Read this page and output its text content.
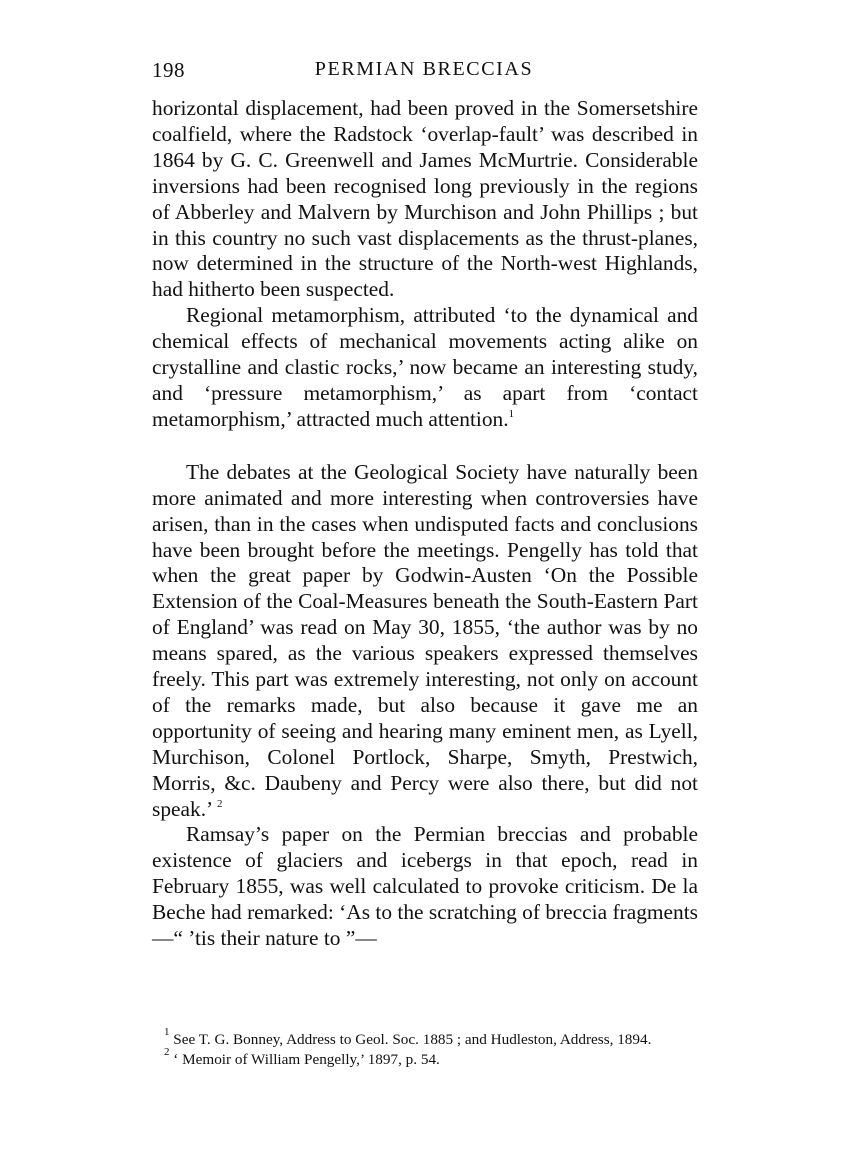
198	PERMIAN BRECCIAS

horizontal displacement, had been proved in the Somersetshire coalfield, where the Radstock ‘overlap-fault’ was described in 1864 by G. C. Greenwell and James McMurtrie. Considerable inversions had been recognised long previously in the regions of Abberley and Malvern by Murchison and John Phillips ; but in this country no such vast displacements as the thrust-planes, now determined in the structure of the North-west Highlands, had hitherto been suspected.

Regional metamorphism, attributed ‘to the dynamical and chemical effects of mechanical movements acting alike on crystalline and clastic rocks,’ now became an interesting study, and ‘pressure metamorphism,’ as apart from ‘contact metamorphism,’ attracted much attention.$^1$

The debates at the Geological Society have naturally been more animated and more interesting when controversies have arisen, than in the cases when undisputed facts and conclusions have been brought before the meetings. Pengelly has told that when the great paper by Godwin-Austen ‘On the Possible Extension of the Coal-Measures beneath the South-Eastern Part of England’ was read on May 30, 1855, ‘the author was by no means spared, as the various speakers expressed themselves freely. This part was extremely interesting, not only on account of the remarks made, but also because it gave me an opportunity of seeing and hearing many eminent men, as Lyell, Murchison, Colonel Portlock, Sharpe, Smyth, Prestwich, Morris, &c. Daubeny and Percy were also there, but did not speak.’ $^2$

Ramsay’s paper on the Permian breccias and probable existence of glaciers and icebergs in that epoch, read in February 1855, was well calculated to provoke criticism. De la Beche had remarked: ‘As to the scratching of breccia fragments—“ ’tis their nature to ”—

$^1$ See T. G. Bonney, Address to Geol. Soc. 1885 ; and Hudleston, Address, 1894.

$^2$ ‘ Memoir of William Pengelly,’ 1897, p. 54.
